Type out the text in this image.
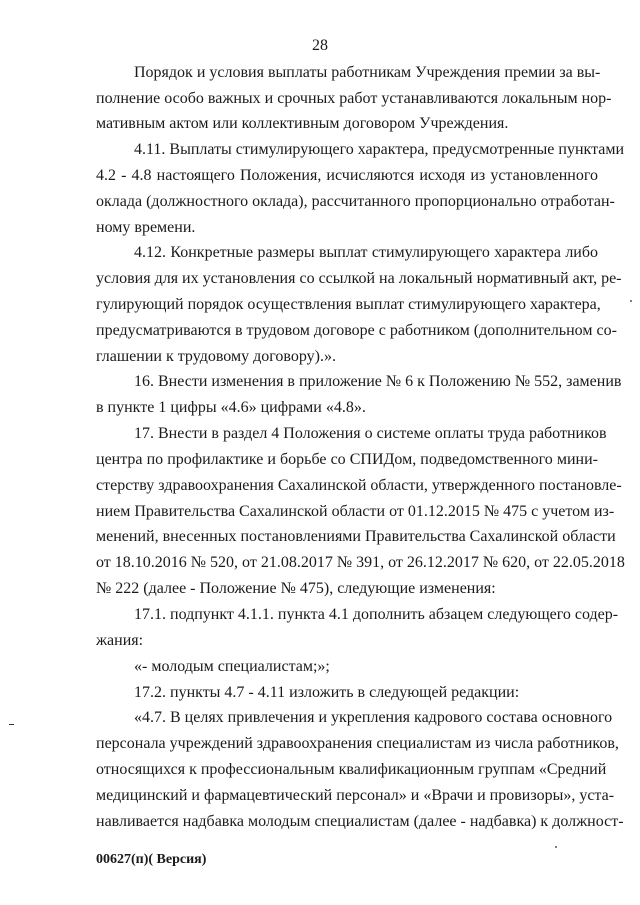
28
Порядок и условия выплаты работникам Учреждения премии за вы-
полнение особо важных и срочных работ устанавливаются локальным нор-
мативным актом или коллективным договором Учреждения.
4.11. Выплаты стимулирующего характера, предусмотренные пунктами
4.2 - 4.8 настоящего Положения, исчисляются исходя из установленного
оклада (должностного оклада), рассчитанного пропорционально отработан-
ному времени.
4.12. Конкретные размеры выплат стимулирующего характера либо
условия для их установления со ссылкой на локальный нормативный акт, ре-
гулирующий порядок осуществления выплат стимулирующего характера,
предусматриваются в трудовом договоре с работником (дополнительном со-
глашении к трудовому договору).».
16. Внести изменения в приложение № 6 к Положению № 552, заменив
в пункте 1 цифры «4.6» цифрами «4.8».
17. Внести в раздел 4 Положения о системе оплаты труда работников
центра по профилактике и борьбе со СПИДом, подведомственного мини-
стерству здравоохранения Сахалинской области, утвержденного постановле-
нием Правительства Сахалинской области от 01.12.2015 № 475 с учетом из-
менений, внесенных постановлениями Правительства Сахалинской области
от 18.10.2016 № 520, от 21.08.2017 № 391, от 26.12.2017 № 620, от 22.05.2018
№ 222 (далее - Положение № 475), следующие изменения:
17.1. подпункт 4.1.1. пункта 4.1 дополнить абзацем следующего содер-
жания:
«- молодым специалистам;»;
17.2. пункты 4.7 - 4.11 изложить в следующей редакции:
«4.7. В целях привлечения и укрепления кадрового состава основного
персонала учреждений здравоохранения специалистам из числа работников,
относящихся к профессиональным квалификационным группам «Средний
медицинский и фармацевтический персонал» и «Врачи и провизоры», уста-
навливается надбавка молодым специалистам (далее - надбавка) к должност-
00627(п)( Версия)
